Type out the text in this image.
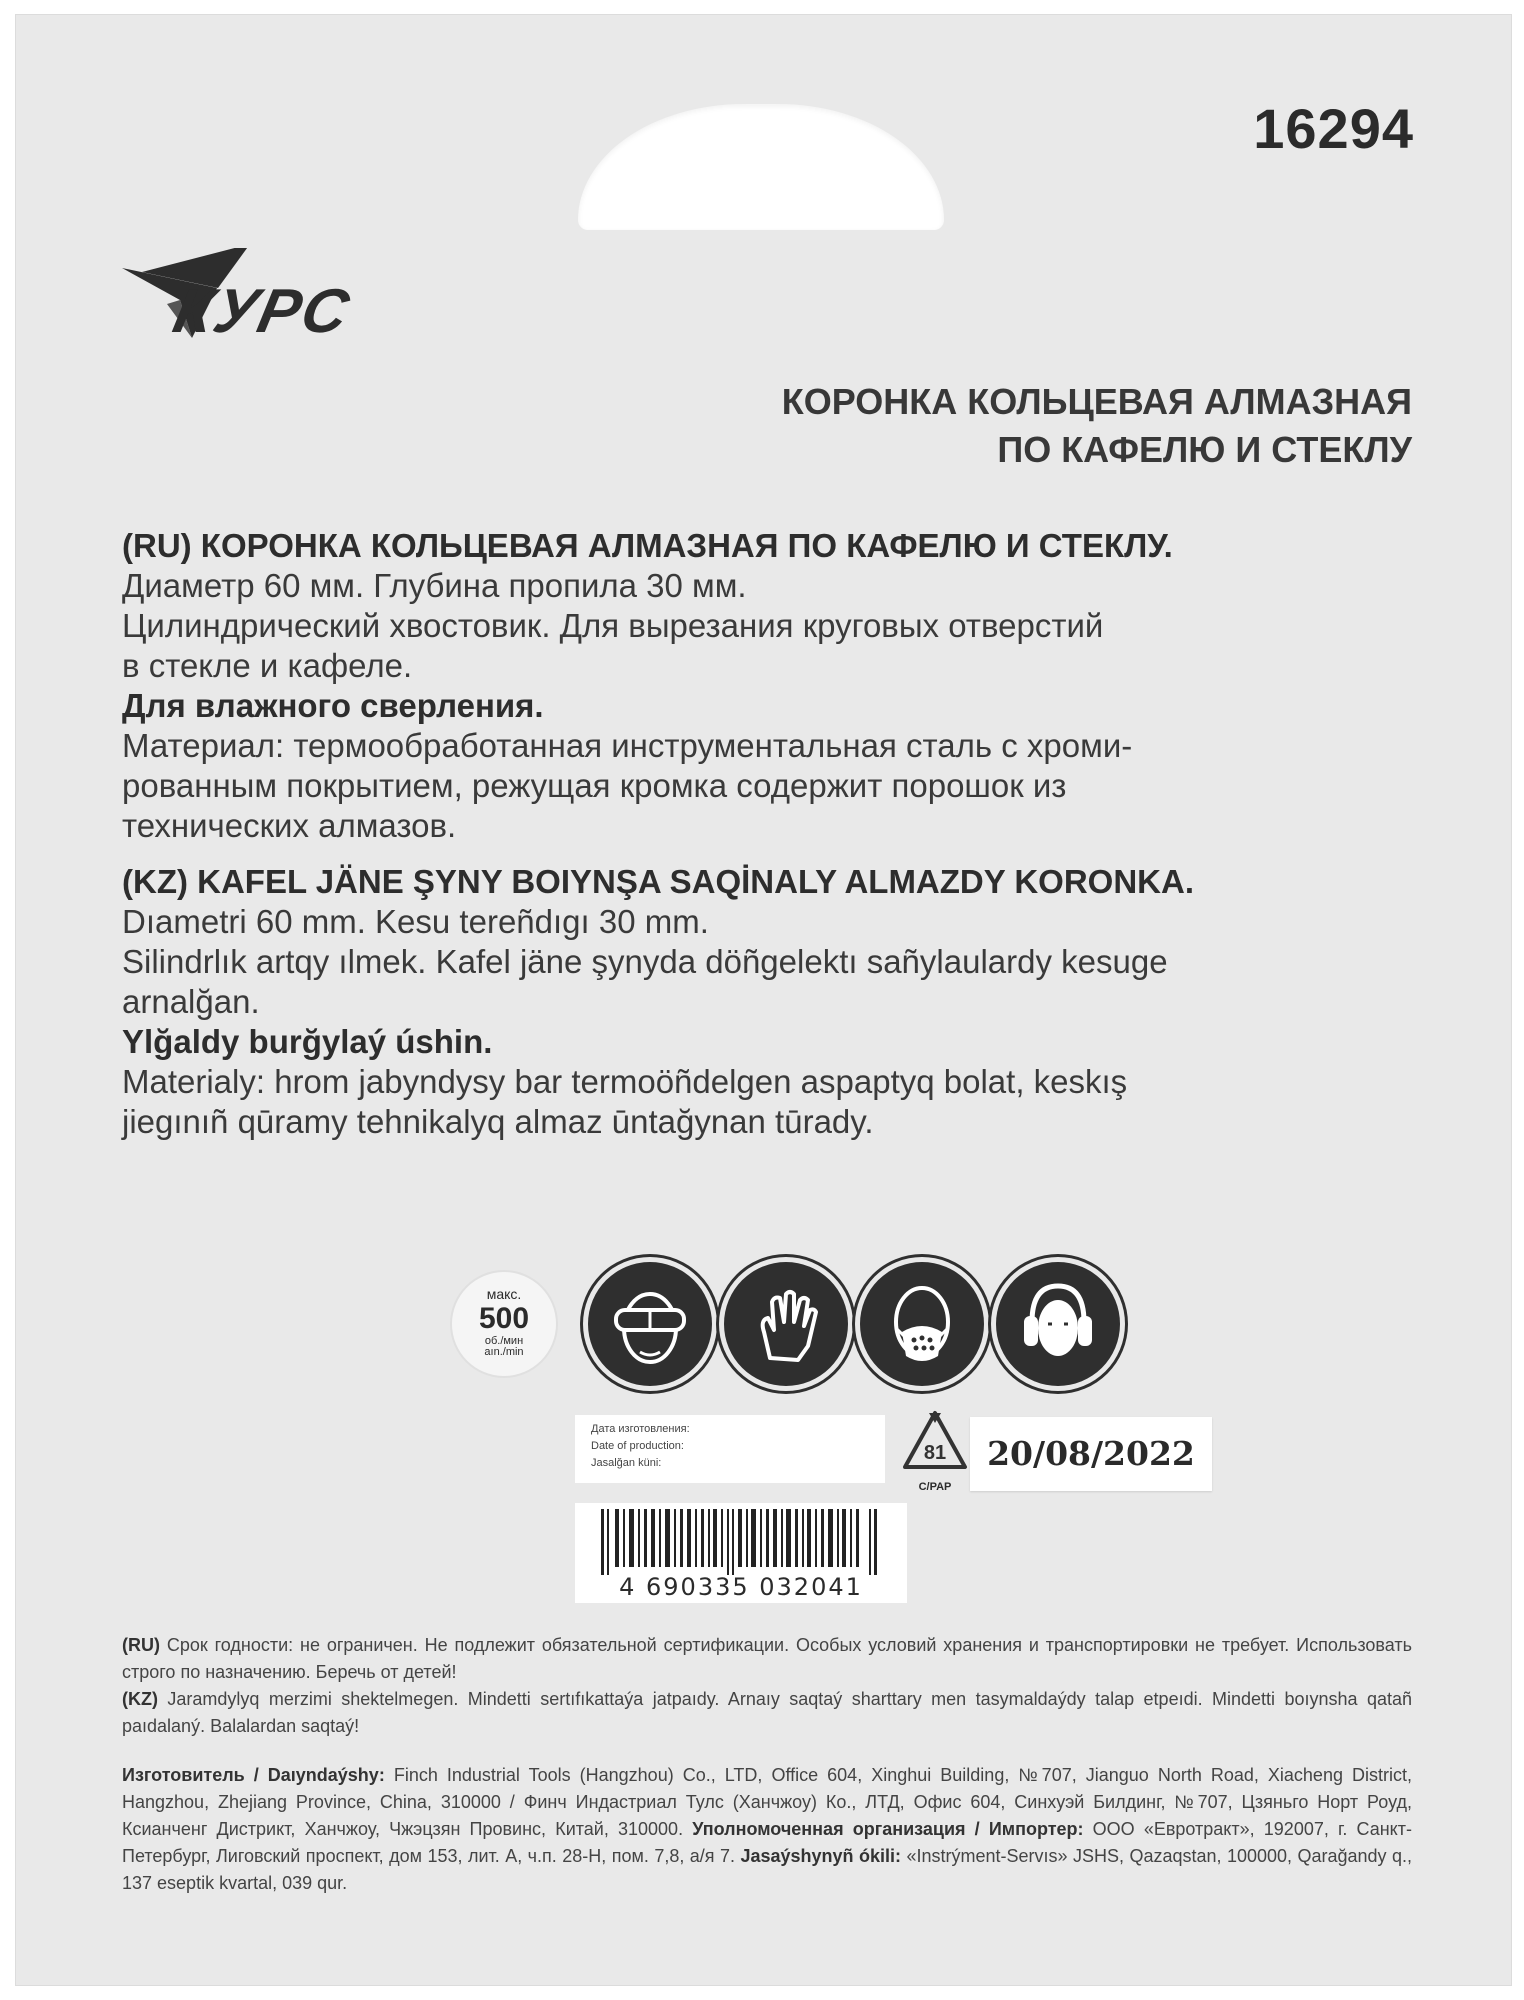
16294
КУРС
КОРОНКА КОЛЬЦЕВАЯ АЛМАЗНАЯ
ПО КАФЕЛЮ И СТЕКЛУ

(RU) КОРОНКА КОЛЬЦЕВАЯ АЛМАЗНАЯ ПО КАФЕЛЮ И СТЕКЛУ.

Диаметр 60 мм. Глубина пропила 30 мм.

Цилиндрический хвостовик. Для вырезания круговых отверстий

в стекле и кафеле.

Для влажного сверления.

Материал: термообработанная инструментальная сталь с хроми-

рованным покрытием, режущая кромка содержит порошок из

технических алмазов.

(KZ) KAFEL JÄNE ŞYNY BOIYNŞA SAQİNALY ALMAZDY KORONKA.

Dıametri 60 mm. Kesu tereñdıgı 30 mm.

Silindrlık artqy ılmek. Kafel jäne şynyda döñgelektı sañylaulardy kesuge

arnalğan.

Ylğaldy burğylaý úshin.

Materialy: hrom jabyndysy bar termoöñdelgen aspaptyq bolat, keskış

jiegınıñ qūramy tehnikalyq almaz ūntağynan tūrady.

макс.
500
об./мин
aın./min
Дата изготовления:
Date of production:
Jasalğan küni:	81
C/PAP
20/08/2022
4 690335 032041

(RU) Срок годности: не ограничен. Не подлежит обязательной сертификации. Особых условий хранения и транспортировки не требует. Использовать строго по назначению. Беречь от детей!

(KZ) Jaramdylyq merzimi shektelmegen. Mindetti sertıfıkattaýa jatpaıdy. Arnaıy saqtaý sharttary men tasymaldaýdy talap etpeıdi. Mindetti boıynsha qatañ paıdalaný. Balalardan saqtaý!

Изготовитель / Daıyndaýshy: Finch Industrial Tools (Hangzhou) Co., LTD, Office 604, Xinghui Building, №707, Jianguo North Road, Xiacheng District, Hangzhou, Zhejiang Province, China, 310000 / Финч Индастриал Тулс (Ханчжоу) Ко., ЛТД, Офис 604, Синхуэй Билдинг, №707, Цзяньго Норт Роуд, Ксианченг Дистрикт, Ханчжоу, Чжэцзян Провинс, Китай, 310000. Уполномоченная организация / Импортер: ООО «Евротракт», 192007, г. Санкт-Петербург, Лиговский проспект, дом 153, лит. А, ч.п. 28-Н, пом. 7,8, а/я 7. Jasaýshynyñ ókili: «Instrýment-Servıs» JSHS, Qazaqstan, 100000, Qarağandy q., 137 eseptik kvartal, 039 qur.
